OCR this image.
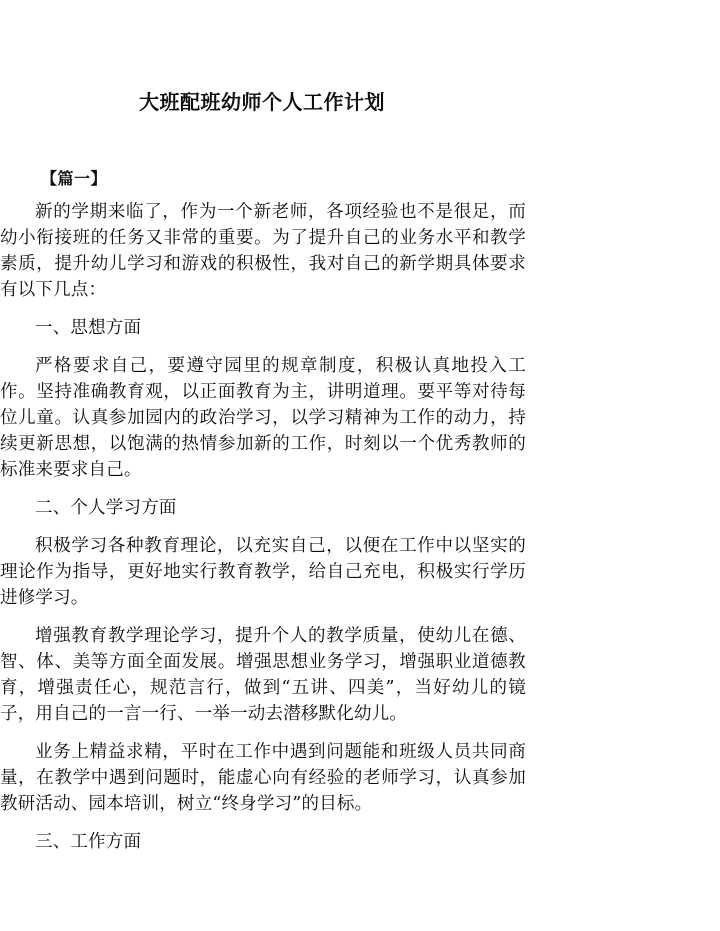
大班配班幼师个人工作计划
【篇一】

新的学期来临了，作为一个新老师，各项经验也不是很足，而幼小衔接班的任务又非常的重要。为了提升自己的业务水平和教学素质，提升幼儿学习和游戏的积极性，我对自己的新学期具体要求有以下几点：

一、思想方面

严格要求自己，要遵守园里的规章制度，积极认真地投入工作。坚持准确教育观，以正面教育为主，讲明道理。要平等对待每位儿童。认真参加园内的政治学习，以学习精神为工作的动力，持续更新思想，以饱满的热情参加新的工作，时刻以一个优秀教师的标准来要求自己。

二、个人学习方面

积极学习各种教育理论，以充实自己，以便在工作中以坚实的理论作为指导，更好地实行教育教学，给自己充电，积极实行学历进修学习。

增强教育教学理论学习，提升个人的教学质量，使幼儿在德、智、体、美等方面全面发展。增强思想业务学习，增强职业道德教育，增强责任心，规范言行，做到“五讲、四美”，当好幼儿的镜子，用自己的一言一行、一举一动去潜移默化幼儿。

业务上精益求精，平时在工作中遇到问题能和班级人员共同商量，在教学中遇到问题时，能虚心向有经验的老师学习，认真参加教研活动、园本培训，树立“终身学习”的目标。

三、工作方面
